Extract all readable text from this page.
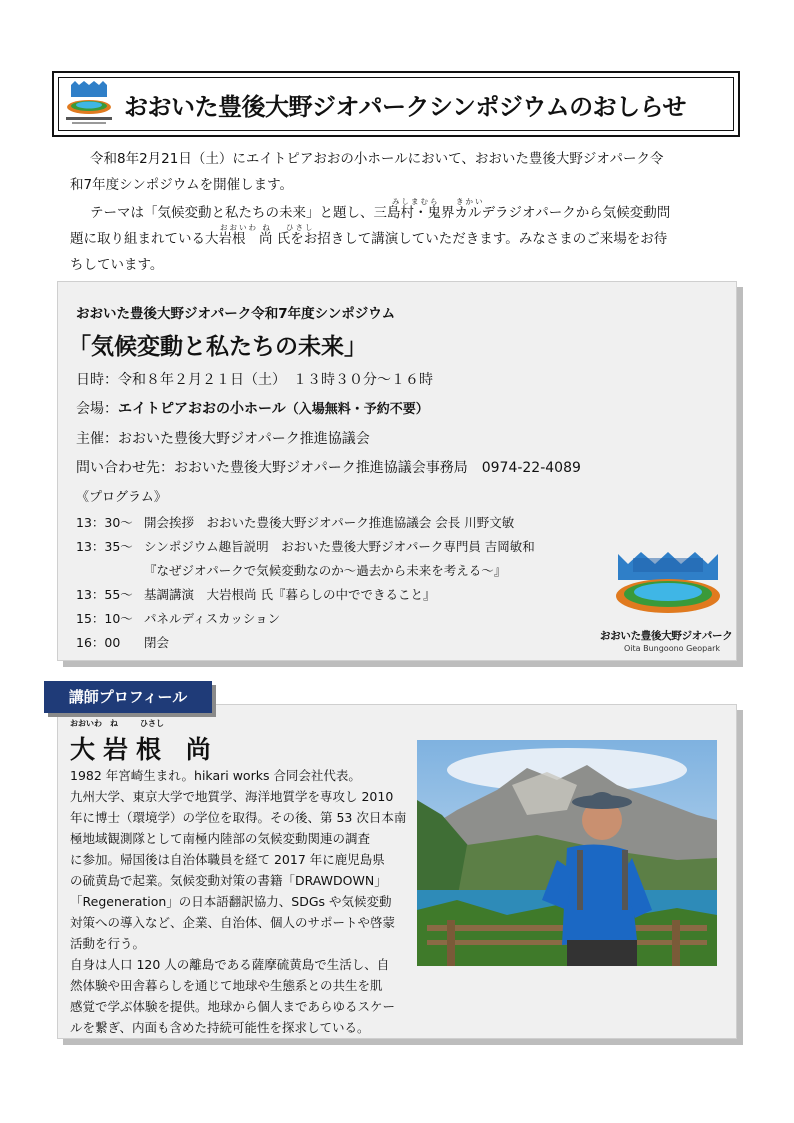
おおいた豊後大野ジオパークシンポジウムのおしらせ
令和8年2月21日（土）にエイトピアおおの小ホールにおいて、おおいた豊後大野ジオパーク令
和7年度シンポジウムを開催します。
みしまむら きかい
テーマは「気候変動と私たちの未来」と題し、三島村・鬼界カルデラジオパークから気候変動問
おおいわ ね ひさし
題に取り組まれている大岩根　尚 氏をお招きして講演していただきます。みなさまのご来場をお待
ちしています。
おおいた豊後大野ジオパーク令和7年度シンポジウム
「気候変動と私たちの未来」
日時：令和８年２月２１日（土）　１３時３０分～１６時
会場：エイトピアおおの小ホール（入場無料・予約不要）
主催：おおいた豊後大野ジオパーク推進協議会
問い合わせ先：おおいた豊後大野ジオパーク推進協議会事務局　0974-22-4089
《プログラム》
13：30～ 開会挨拶　おおいた豊後大野ジオパーク推進協議会 会長 川野文敏
13：35～ シンポジウム趣旨説明　おおいた豊後大野ジオパーク専門員 吉岡敏和
『なぜジオパークで気候変動なのか～過去から未来を考える～』
13：55～ 基調講演　大岩根尚 氏『暮らしの中でできること』
15：10～ パネルディスカッション
16：00 閉会	おおいた豊後大野ジオパーク
Oita Bungoono Geopark
講師プロフィール
おおいわ　ね	ひさし
大岩根 尚
1982 年宮崎生まれ。hikari works 合同会社代表。
九州大学、東京大学で地質学、海洋地質学を専攻し 2010
年に博士（環境学）の学位を取得。その後、第 53 次日本南
極地域観測隊として南極内陸部の気候変動関連の調査
に参加。帰国後は自治体職員を経て 2017 年に鹿児島県
の硫黄島で起業。気候変動対策の書籍「DRAWDOWN」
「Regeneration」の日本語翻訳協力、SDGs や気候変動
対策への導入など、企業、自治体、個人のサポートや啓蒙
活動を行う。
自身は人口 120 人の離島である薩摩硫黄島で生活し、自
然体験や田舎暮らしを通じて地球や生態系との共生を肌
感覚で学ぶ体験を提供。地球から個人まであらゆるスケー
ルを繋ぎ、内面も含めた持続可能性を探求している。
